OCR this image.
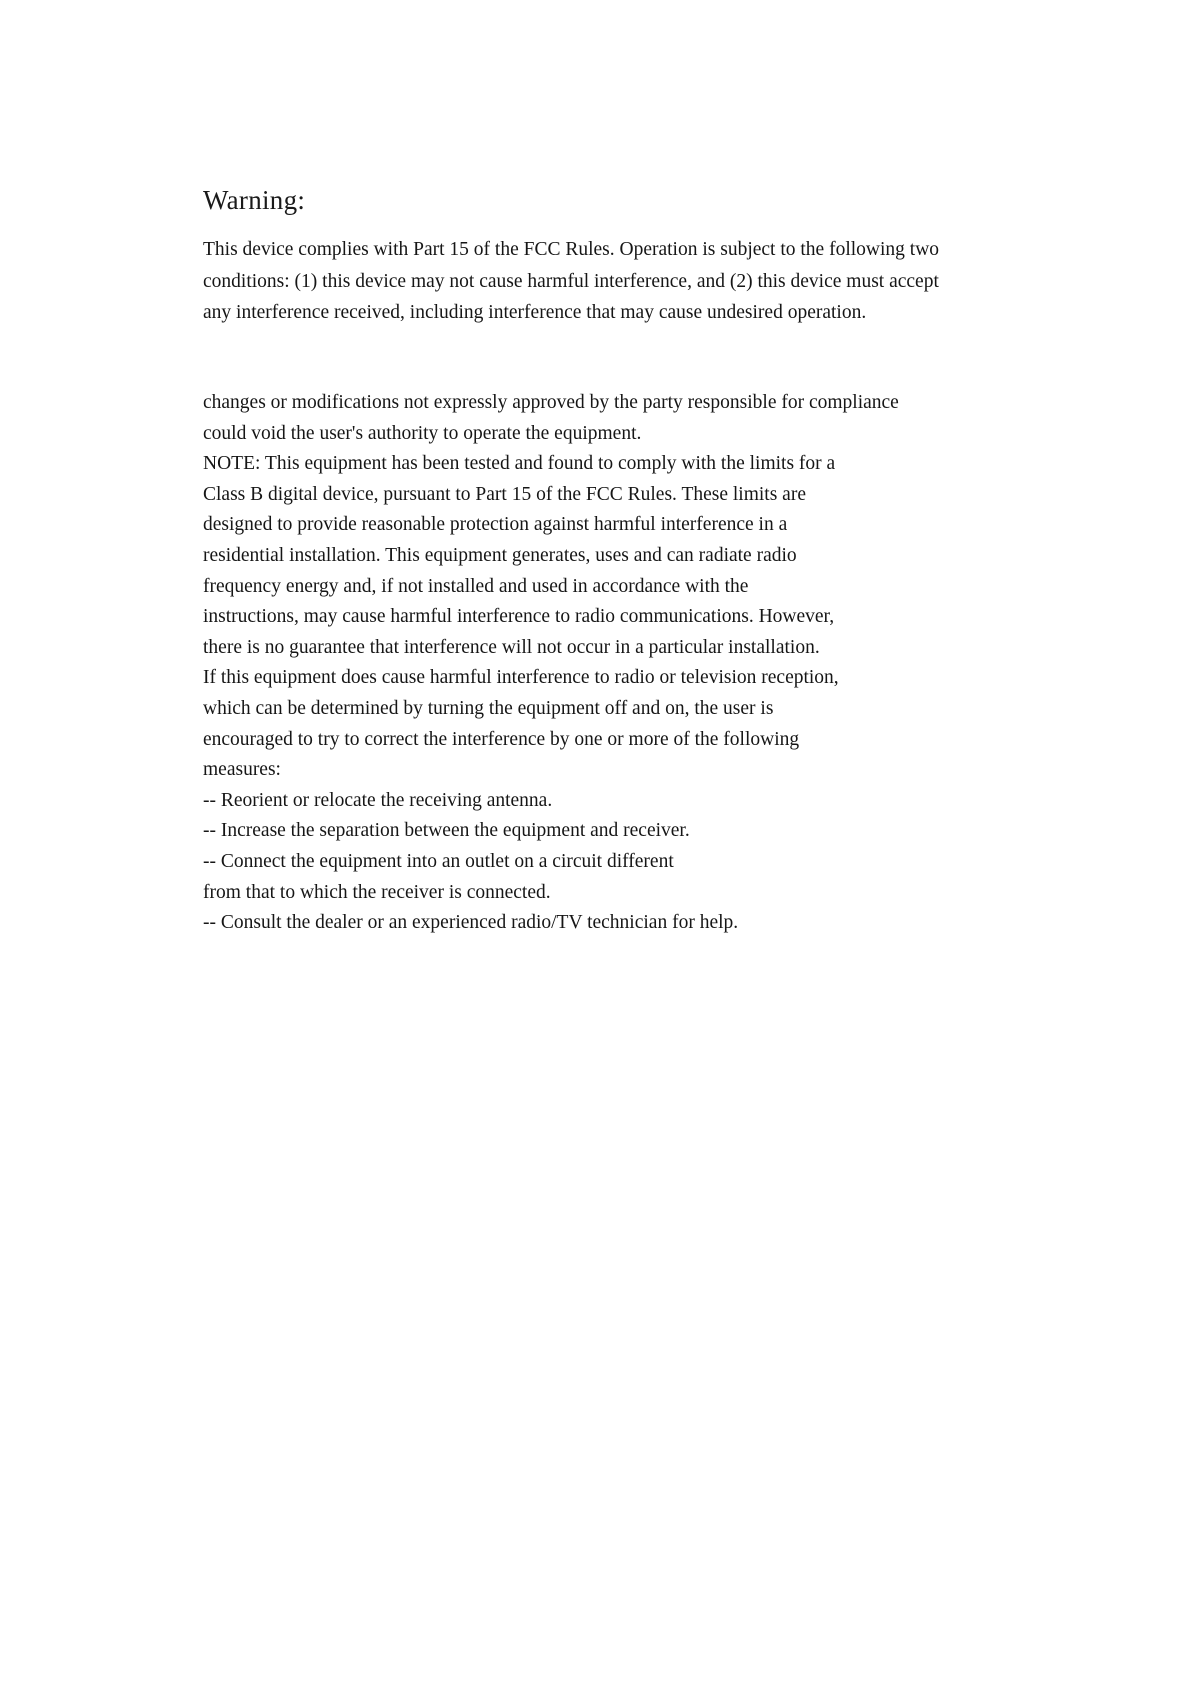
Warning:
This device complies with Part 15 of the FCC Rules. Operation is subject to the following two
conditions: (1) this device may not cause harmful interference, and (2) this device must accept
any interference received, including interference that may cause undesired operation.
changes or modifications not expressly approved by the party responsible for compliance
could void the user's authority to operate the equipment.
NOTE: This equipment has been tested and found to comply with the limits for a
Class B digital device, pursuant to Part 15 of the FCC Rules. These limits are
designed to provide reasonable protection against harmful interference in a
residential installation. This equipment generates, uses and can radiate radio
frequency energy and, if not installed and used in accordance with the
instructions, may cause harmful interference to radio communications. However,
there is no guarantee that interference will not occur in a particular installation.
If this equipment does cause harmful interference to radio or television reception,
which can be determined by turning the equipment off and on, the user is
encouraged to try to correct the interference by one or more of the following
measures:
-- Reorient or relocate the receiving antenna.
-- Increase the separation between the equipment and receiver.
-- Connect the equipment into an outlet on a circuit different
from that to which the receiver is connected.
-- Consult the dealer or an experienced radio/TV technician for help.
